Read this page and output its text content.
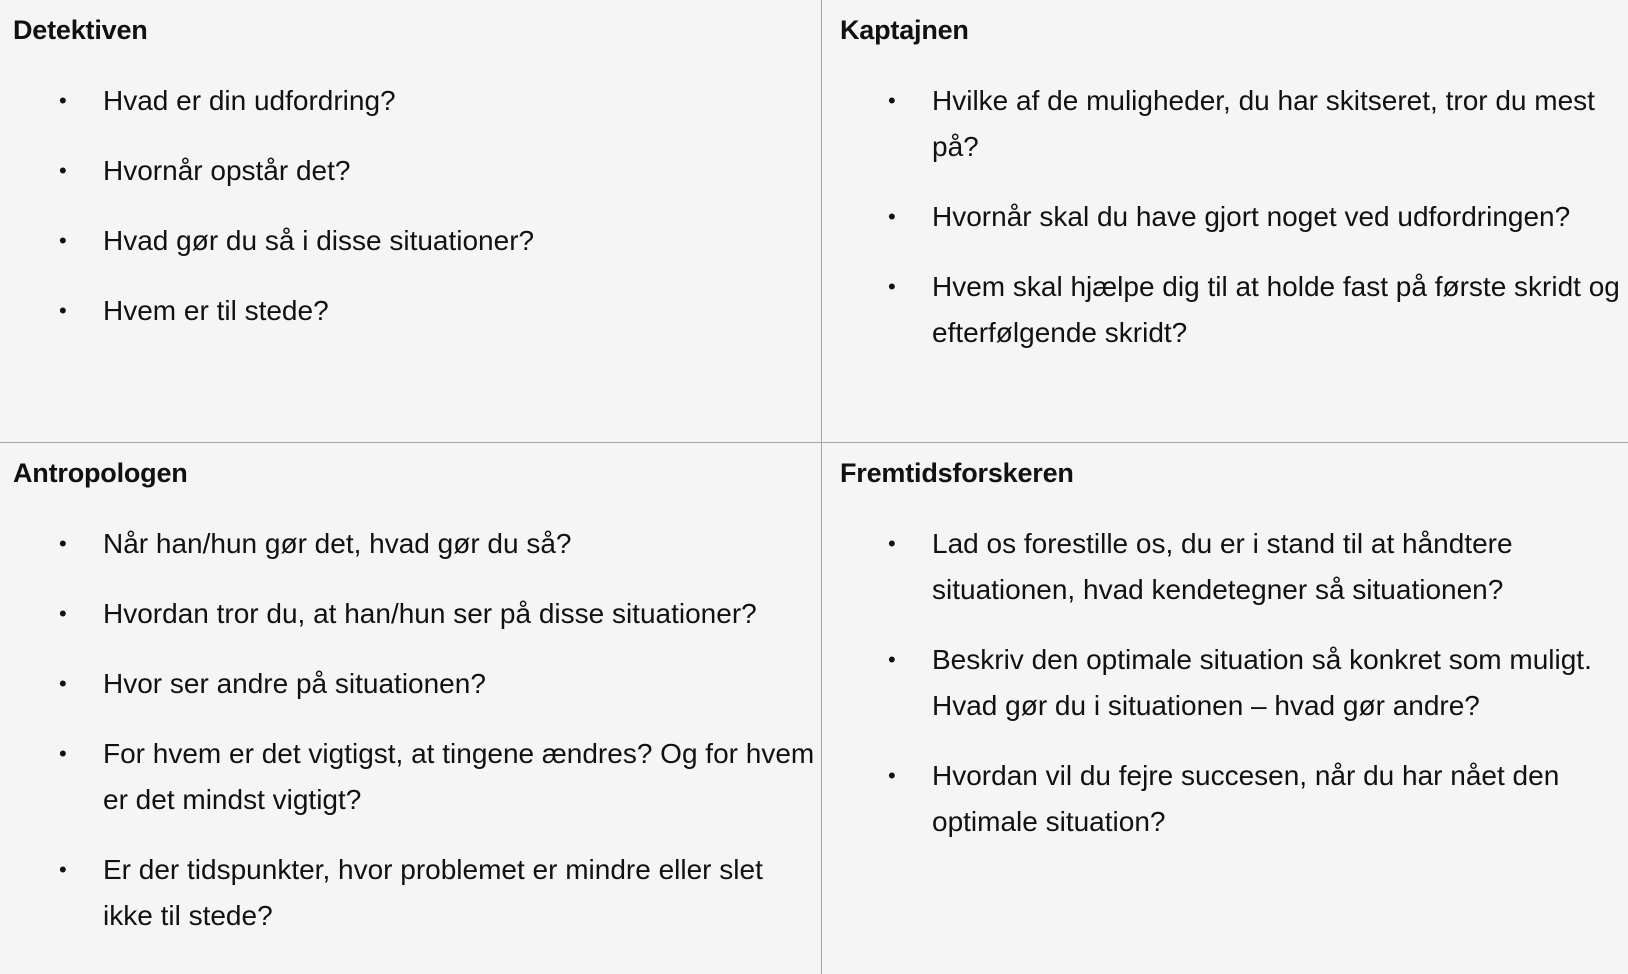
Detektiven
•	Hvad er din udfordring?
•	Hvornår opstår det?
•	Hvad gør du så i disse situationer?
•	Hvem er til stede?
Kaptajnen
•	Hvilke af de muligheder, du har skitseret, tror du mest på?
•	Hvornår skal du have gjort noget ved udfordringen?
•	Hvem skal hjælpe dig til at holde fast på første skridt og efterfølgende skridt?
Antropologen
•	Når han/hun gør det, hvad gør du så?
•	Hvordan tror du, at han/hun ser på disse situationer?
•	Hvor ser andre på situationen?
•	For hvem er det vigtigst, at tingene ændres? Og for hvem er det mindst vigtigt?
•	Er der tidspunkter, hvor problemet er mindre eller slet ikke til stede?
Fremtidsforskeren
•	Lad os forestille os, du er i stand til at håndtere situationen, hvad kendetegner så situationen?
•	Beskriv den optimale situation så konkret som muligt. Hvad gør du i situationen – hvad gør andre?
•	Hvordan vil du fejre succesen, når du har nået den optimale situation?
